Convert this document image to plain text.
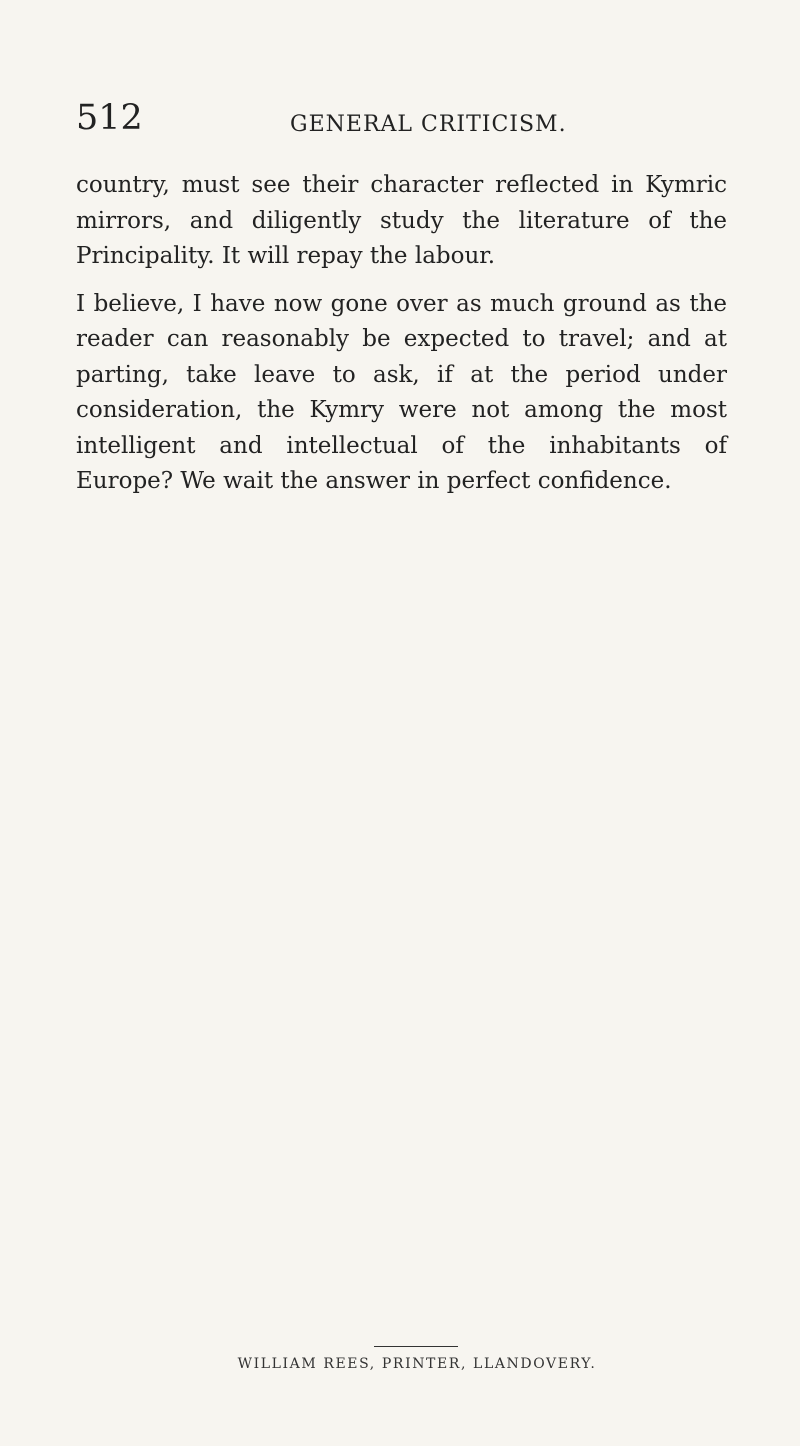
512	GENERAL CRITICISM.

country, must see their character reflected in Kymric mirrors, and diligently study the literature of the Principality. It will repay the labour.

I believe, I have now gone over as much ground as the reader can reasonably be expected to travel; and at parting, take leave to ask, if at the period under consideration, the Kymry were not among the most intelligent and intellectual of the inhabitants of Europe? We wait the answer in perfect confidence.

WILLIAM REES, PRINTER, LLANDOVERY.
